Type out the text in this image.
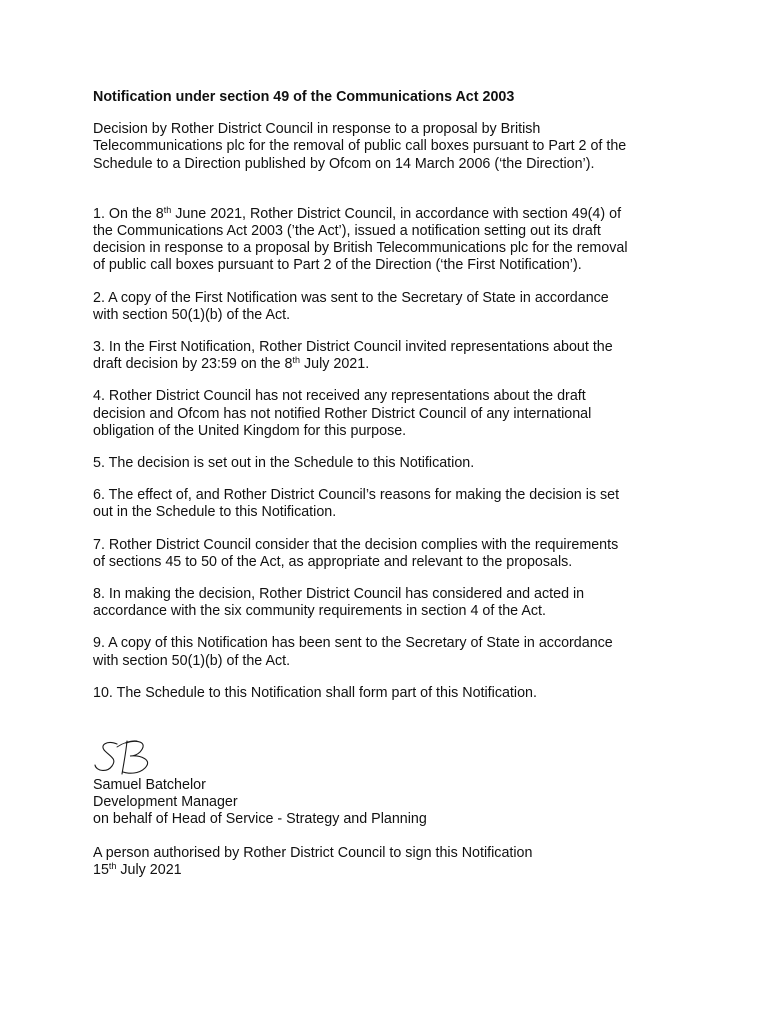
Notification under section 49 of the Communications Act 2003
Decision by Rother District Council in response to a proposal by British
Telecommunications plc for the removal of public call boxes pursuant to Part 2 of the
Schedule to a Direction published by Ofcom on 14 March 2006 (‘the Direction’).
1. On the 8th June 2021, Rother District Council, in accordance with section 49(4) of
the Communications Act 2003 (’the Act’), issued a notification setting out its draft
decision in response to a proposal by British Telecommunications plc for the removal
of public call boxes pursuant to Part 2 of the Direction (‘the First Notification’).
2. A copy of the First Notification was sent to the Secretary of State in accordance
with section 50(1)(b) of the Act.
3. In the First Notification, Rother District Council invited representations about the
draft decision by 23:59 on the 8th July 2021.
4. Rother District Council has not received any representations about the draft
decision and Ofcom has not notified Rother District Council of any international
obligation of the United Kingdom for this purpose.
5. The decision is set out in the Schedule to this Notification.
6. The effect of, and Rother District Council’s reasons for making the decision is set
out in the Schedule to this Notification.
7. Rother District Council consider that the decision complies with the requirements
of sections 45 to 50 of the Act, as appropriate and relevant to the proposals.
8. In making the decision, Rother District Council has considered and acted in
accordance with the six community requirements in section 4 of the Act.
9. A copy of this Notification has been sent to the Secretary of State in accordance
with section 50(1)(b) of the Act.
10. The Schedule to this Notification shall form part of this Notification.
Samuel Batchelor
Development Manager
on behalf of Head of Service - Strategy and Planning
A person authorised by Rother District Council to sign this Notification
15th July 2021
